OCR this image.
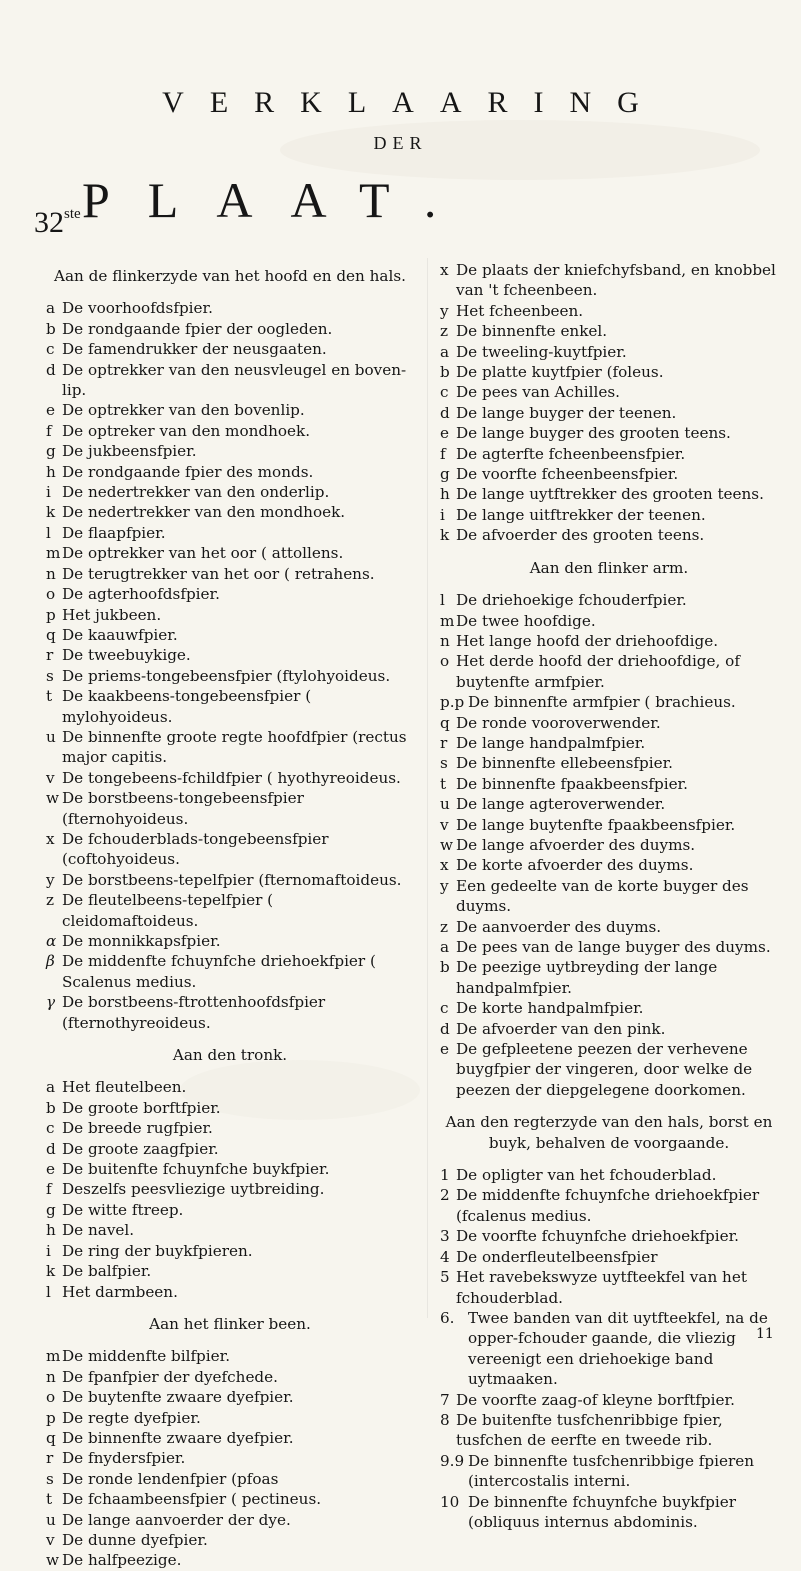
VERKLAARING
DER
32ste PLAAT.
Aan de flinkerzyde van het hoofd en den hals.
a De voorhoofdsfpier.
b De rondgaande fpier der oogleden.
c De famendrukker der neusgaaten.
d De optrekker van den neusvleugel en boven-lip.
e De optrekker van den bovenlip.
f De optreker van den mondhoek.
g De jukbeensfpier.
h De rondgaande fpier des monds.
i De nedertrekker van den onderlip.
k De nedertrekker van den mondhoek.
l De flaapfpier.
m De optrekker van het oor ( attollens.
n De terugtrekker van het oor ( retrahens.
o De agterhoofdsfpier.
p Het jukbeen.
q De kaauwfpier.
r De tweebuykige.
s De priems-tongebeensfpier (ftylohyoideus.
t De kaakbeens-tongebeensfpier ( mylohyoideus.
u De binnenfte groote regte hoofdfpier (rectus major capitis.
v De tongebeens-fchildfpier ( hyothyreoideus.
w De borstbeens-tongebeensfpier (fternohyoideus.
x De fchouderblads-tongebeensfpier (coftohyoideus.
y De borstbeens-tepelfpier (fternomaftoideus.
z De fleutelbeens-tepelfpier ( cleidomaftoideus.
α De monnikkapsfpier.
β De middenfte fchuynfche driehoekfpier ( Scalenus medius.
γ De borstbeens-ftrottenhoofdsfpier (fternothyreoideus.
Aan den tronk.
a Het fleutelbeen.
b De groote borftfpier.
c De breede rugfpier.
d De groote zaagfpier.
e De buitenfte fchuynfche buykfpier.
f Deszelfs peesvliezige uytbreiding.
g De witte ftreep.
h De navel.
i De ring der buykfpieren.
k De balfpier.
l Het darmbeen.
Aan het flinker been.
m De middenfte bilfpier.
n De fpanfpier der dyefchede.
o De buytenfte zwaare dyefpier.
p De regte dyefpier.
q De binnenfte zwaare dyefpier.
r De fnydersfpier.
s De ronde lendenfpier (pfoas
t De fchaambeensfpier ( pectineus.
u De lange aanvoerder der dye.
v De dunne dyefpier.
w De halfpeezige.
x De plaats der kniefchyfsband, en knobbel van 't fcheenbeen.
y Het fcheenbeen.
z De binnenfte enkel.
a De tweeling-kuytfpier.
b De platte kuytfpier (foleus.
c De pees van Achilles.
d De lange buyger der teenen.
e De lange buyger des grooten teens.
f De agterfte fcheenbeensfpier.
g De voorfte fcheenbeensfpier.
h De lange uytftrekker des grooten teens.
i De lange uitftrekker der teenen.
k De afvoerder des grooten teens.
Aan den flinker arm.
l De driehoekige fchouderfpier.
m De twee hoofdige.
n Het lange hoofd der driehoofdige.
o Het derde hoofd der driehoofdige, of buytenfte armfpier.
p.p De binnenfte armfpier ( brachieus.
q De ronde vooroverwender.
r De lange handpalmfpier.
s De binnenfte ellebeensfpier.
t De binnenfte fpaakbeensfpier.
u De lange agteroverwender.
v De lange buytenfte fpaakbeensfpier.
w De lange afvoerder des duyms.
x De korte afvoerder des duyms.
y Een gedeelte van de korte buyger des duyms.
z De aanvoerder des duyms.
a De pees van de lange buyger des duyms.
b De peezige uytbreyding der lange handpalmfpier.
c De korte handpalmfpier.
d De afvoerder van den pink.
e De gefpleetene peezen der verhevene buygfpier der vingeren, door welke de peezen der diepgelegene doorkomen.
Aan den regterzyde van den hals, borst en buyk, behalven de voorgaande.
1 De opligter van het fchouderblad.
2 De middenfte fchuynfche driehoekfpier (fcalenus medius.
3 De voorfte fchuynfche driehoekfpier.
4 De onderfleutelbeensfpier
5 Het ravebekswyze uytfteekfel van het fchouderblad.
6. Twee banden van dit uytfteekfel, na de opper-fchouder gaande, die vliezig vereenigt een driehoekige band uytmaaken.
7 De voorfte zaag-of kleyne borftfpier.
8 De buitenfte tusfchenribbige fpier, tusfchen de eerfte en tweede rib.
9.9 De binnenfte tusfchenribbige fpieren (intercostalis interni.
10 De binnenfte fchuynfche buykfpier (obliquus internus abdominis.
11
